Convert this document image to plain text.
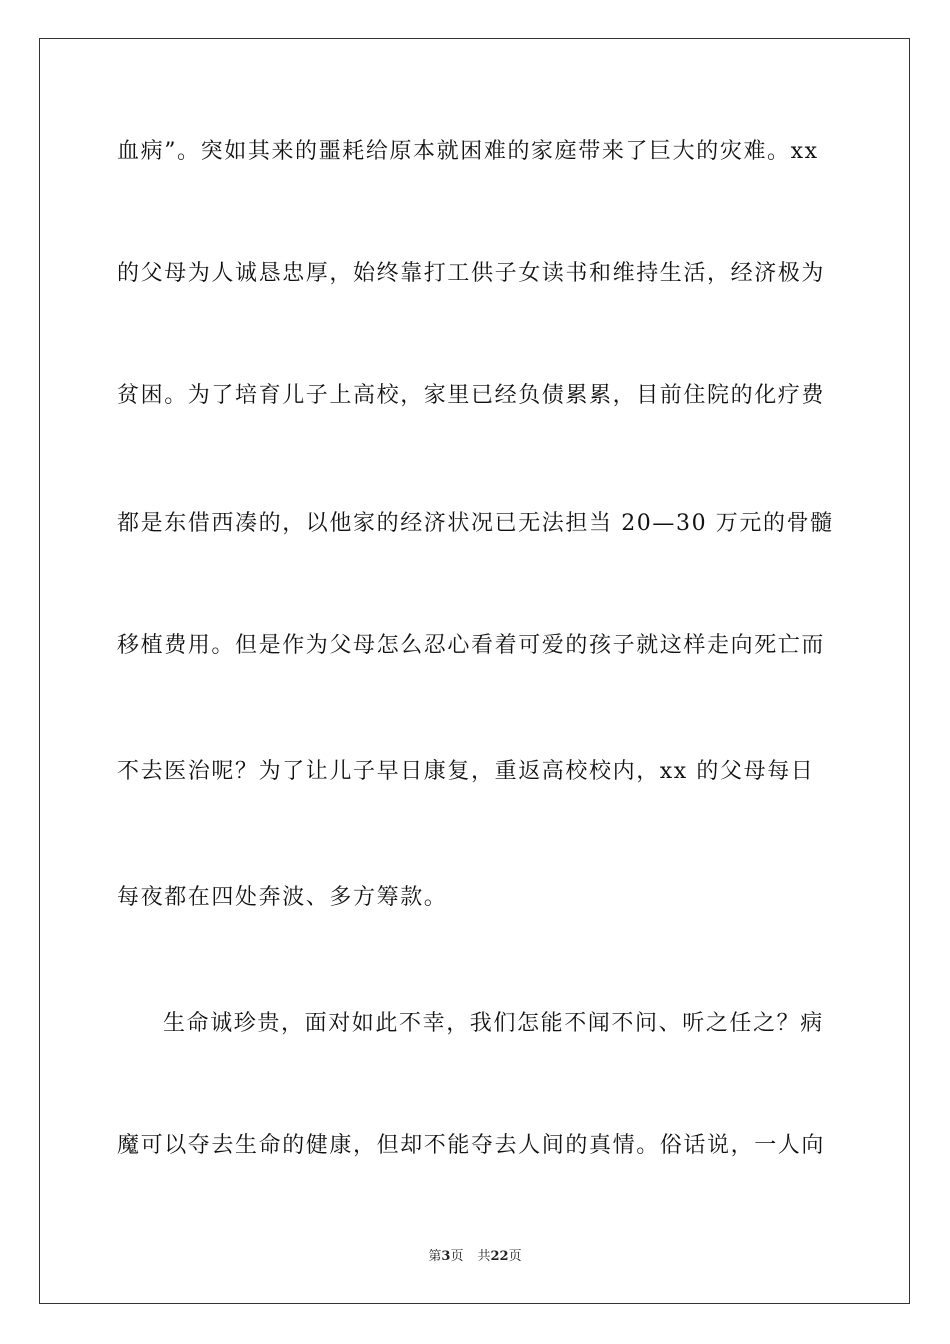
血病”。突如其来的噩耗给原本就困难的家庭带来了巨大的灾难。xx
的父母为人诚恳忠厚，始终靠打工供子女读书和维持生活，经济极为
贫困。为了培育儿子上高校，家里已经负债累累，目前住院的化疗费
都是东借西凑的，以他家的经济状况已无法担当 20—30 万元的骨髓
移植费用。但是作为父母怎么忍心看着可爱的孩子就这样走向死亡而
不去医治呢？为了让儿子早日康复，重返高校校内，xx 的父母每日
每夜都在四处奔波、多方筹款。
生命诚珍贵，面对如此不幸，我们怎能不闻不问、听之任之？病
魔可以夺去生命的健康，但却不能夺去人间的真情。俗话说，一人向
第3页 共22页
